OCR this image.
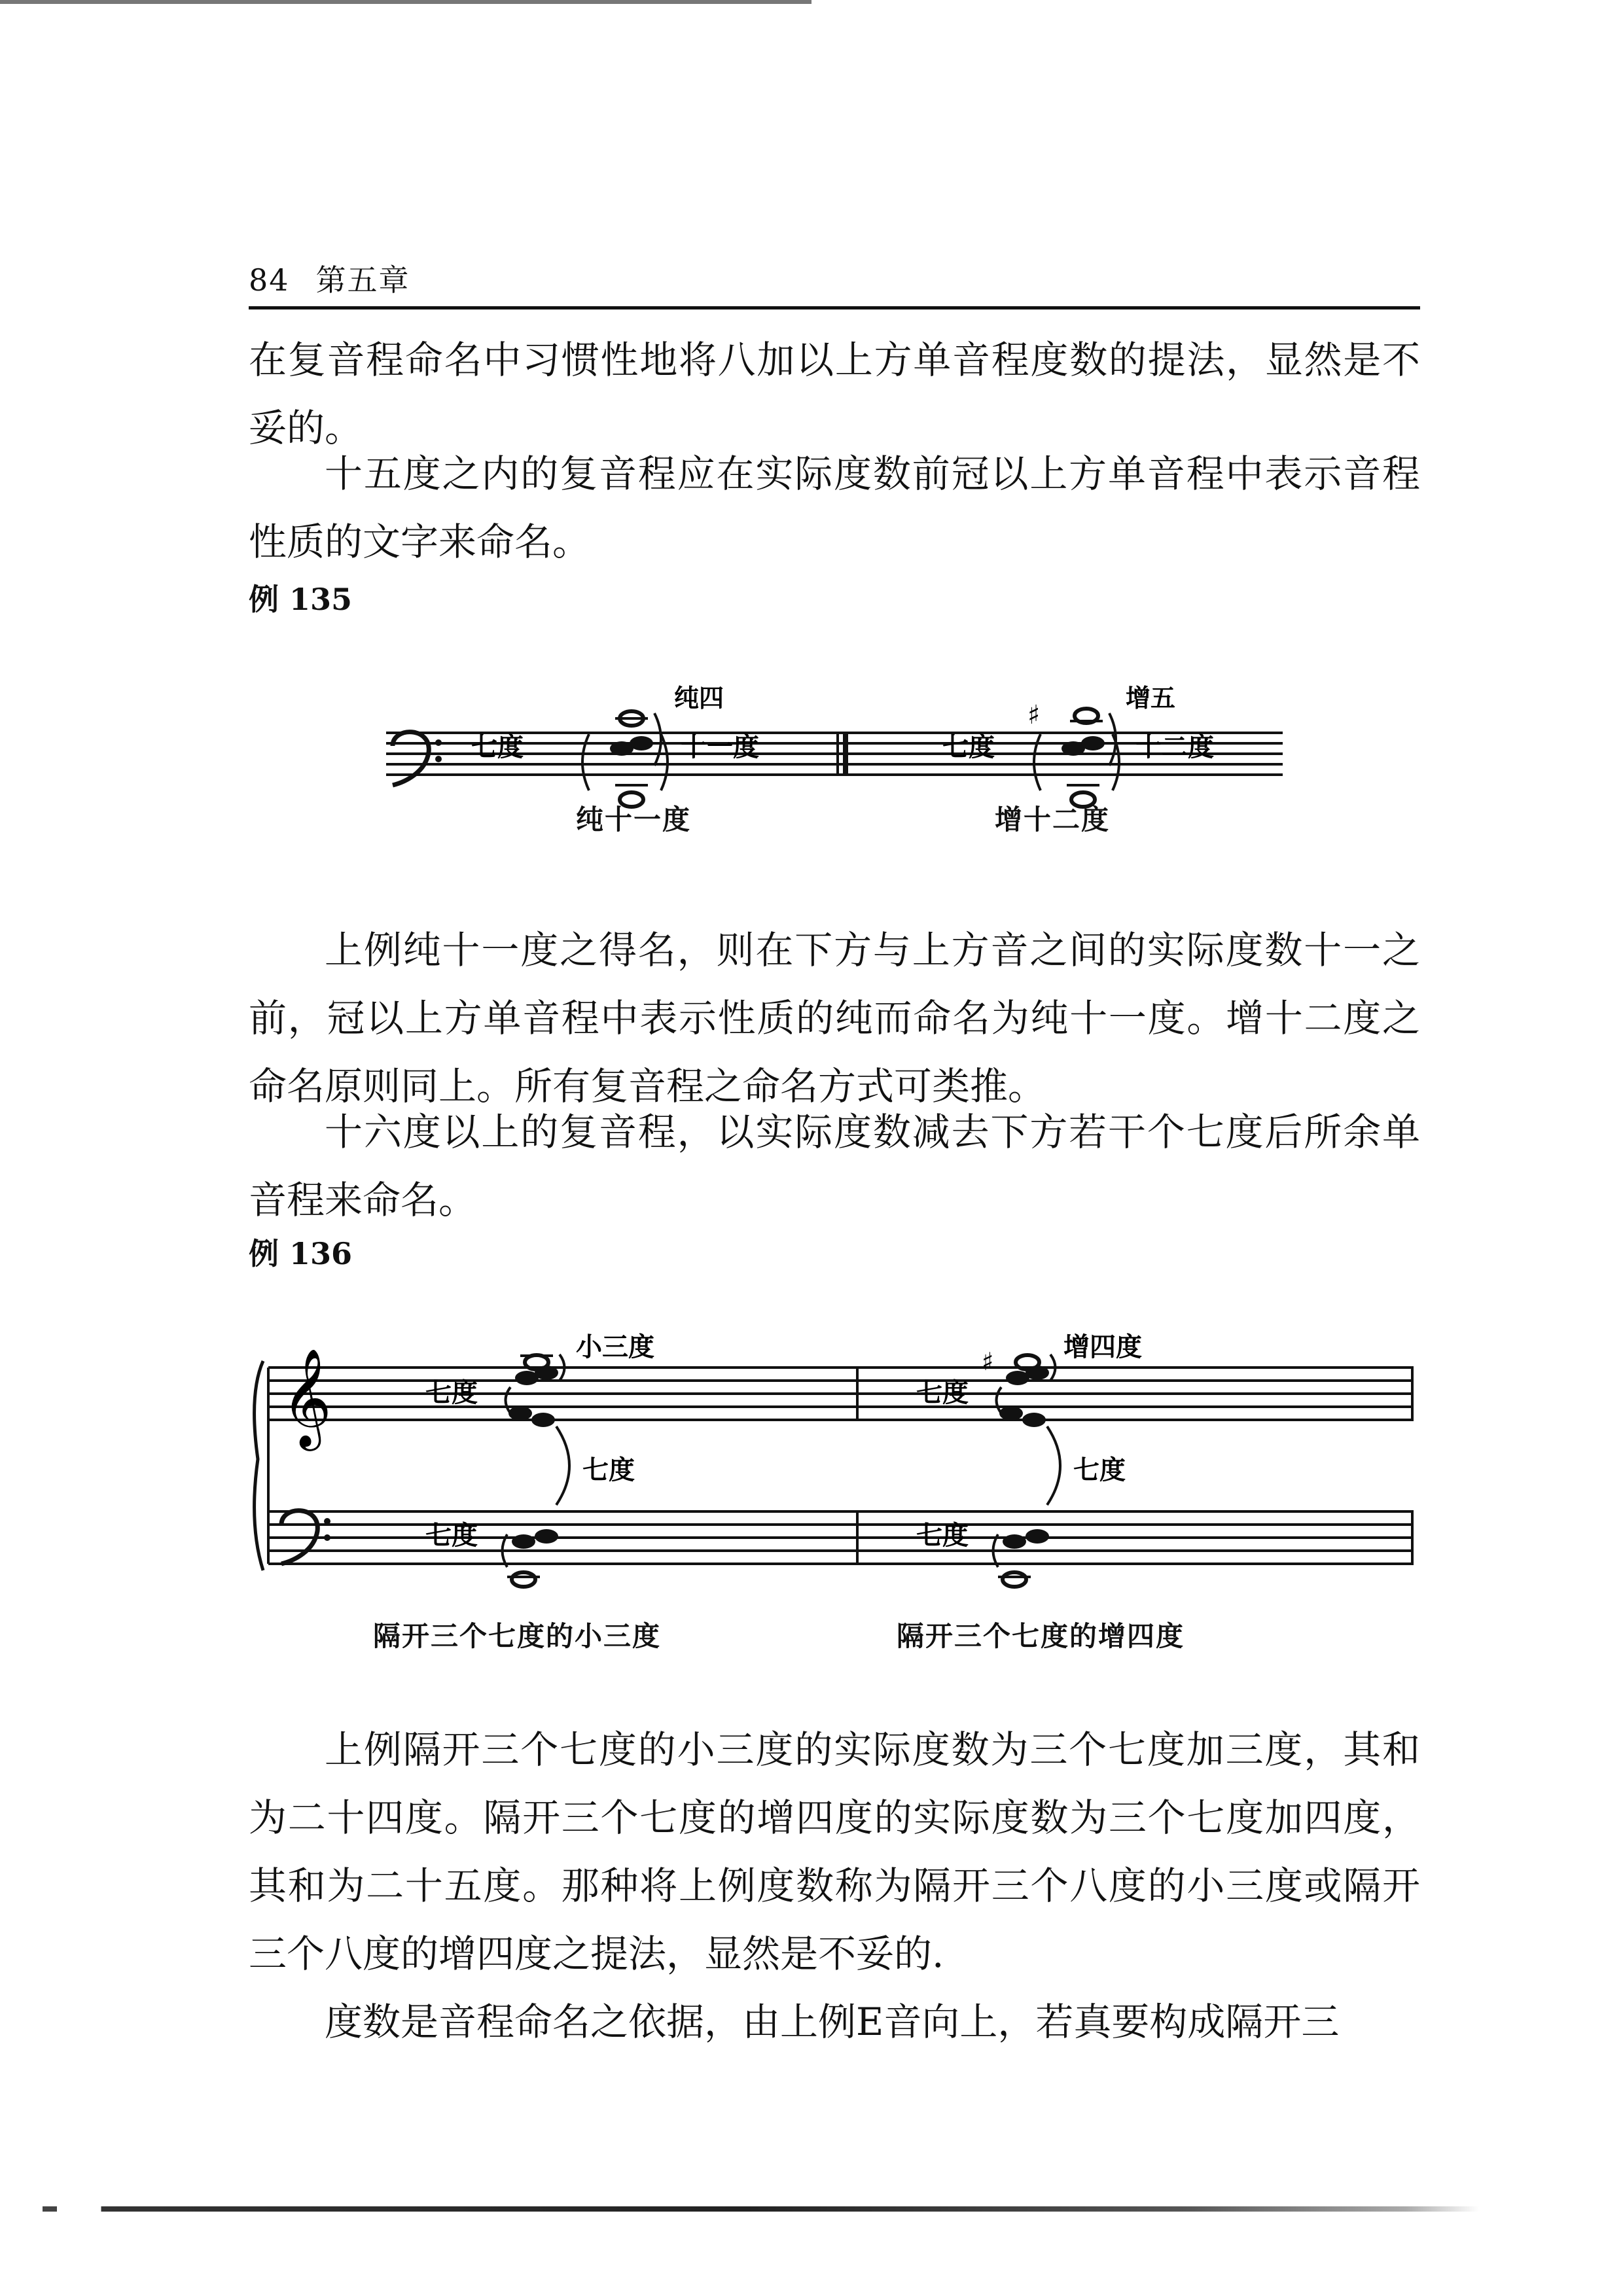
84 第五章

在复音程命名中习惯性地将八加以上方单音程度数的提法，显然是不妥的。

十五度之内的复音程应在实际度数前冠以上方单音程中表示音程性质的文字来命名。

例 135
七度
纯四
十一度	七度
♯
增五
十二度
纯十一度	增十二度

上例纯十一度之得名，则在下方与上方音之间的实际度数十一之前，冠以上方单音程中表示性质的纯而命名为纯十一度。增十二度之命名原则同上。所有复音程之命名方式可类推。

十六度以上的复音程，以实际度数减去下方若干个七度后所余单音程来命名。

例 136
𝄞	七度
小三度
七度
七度
七度
♯	增四度
七度
七度
隔开三个七度的小三度	隔开三个七度的增四度

上例隔开三个七度的小三度的实际度数为三个七度加三度，其和为二十四度。隔开三个七度的增四度的实际度数为三个七度加四度，其和为二十五度。那种将上例度数称为隔开三个八度的小三度或隔开三个八度的增四度之提法，显然是不妥的.

度数是音程命名之依据，由上例E音向上，若真要构成隔开三
